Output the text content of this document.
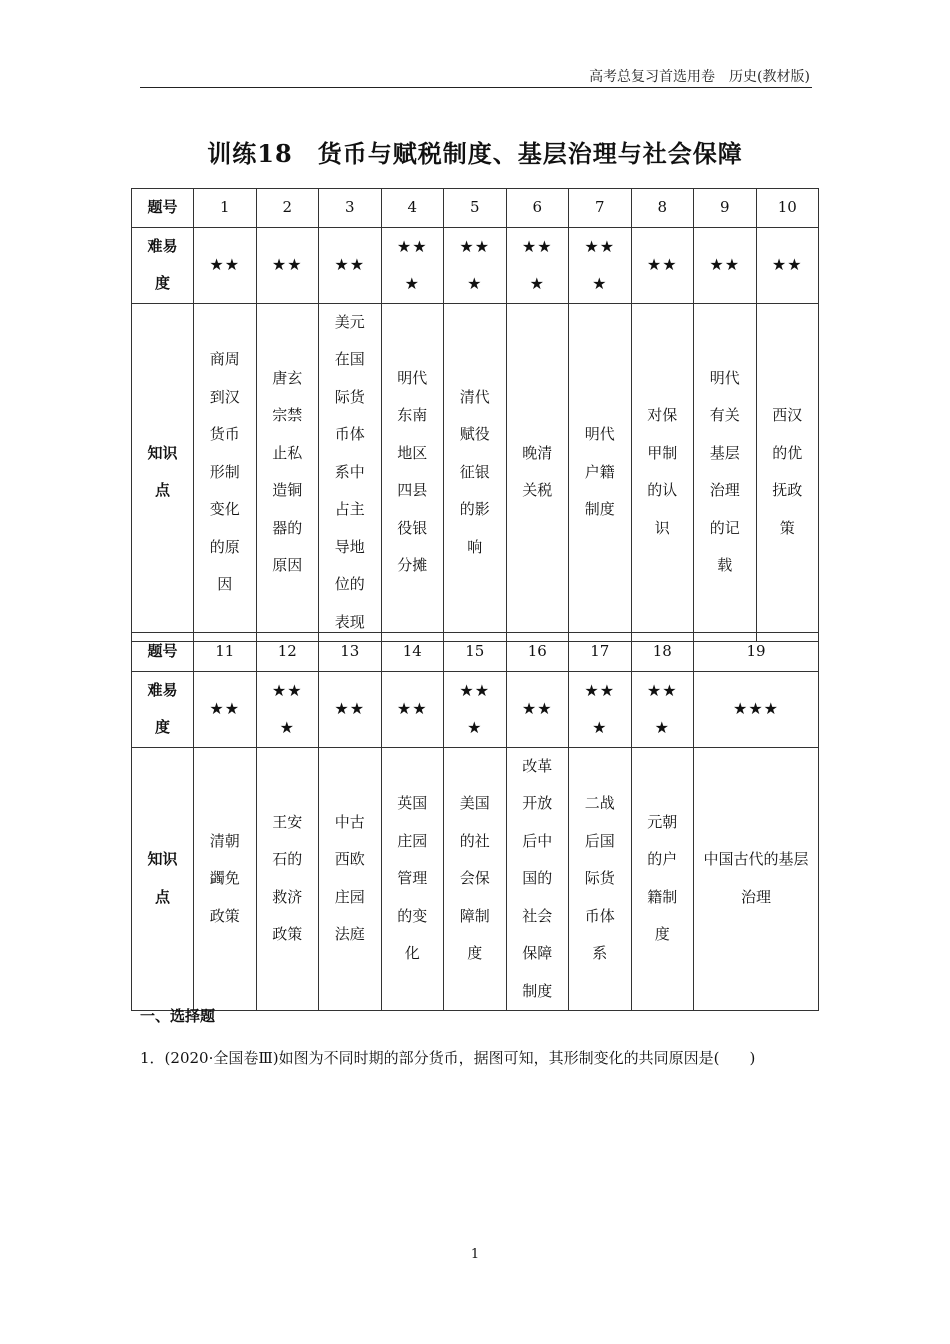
高考总复习首选用卷　历史(教材版)
训练18　货币与赋税制度、基层治理与社会保障
题号	1	2	3	4	5	6	7	8	9	10

难易度	★★	★★	★★	★★★	★★★	★★★	★★★	★★	★★	★★

知识点	商周到汉货币形制变化的原因	唐玄宗禁止私造铜器的原因	美元在国际货币体系中占主导地位的表现	明代东南地区四县役银分摊	清代赋役征银的影响	晚清关税	明代户籍制度	对保甲制的认识	明代有关基层治理的记载	西汉的优抚政策
题号	11	12	13	14	15	16	17	18	19

难易度	★★	★★★	★★	★★	★★★	★★	★★★	★★★	★★★

知识点	清朝蠲免政策	王安石的救济政策	中古西欧庄园法庭	英国庄园管理的变化	美国的社会保障制度	改革开放后中国的社会保障制度	二战后国际货币体系	元朝的户籍制度	中国古代的基层治理
一、选择题
1．(2020·全国卷Ⅲ)如图为不同时期的部分货币，据图可知，其形制变化的共同原因是(　　)
1
